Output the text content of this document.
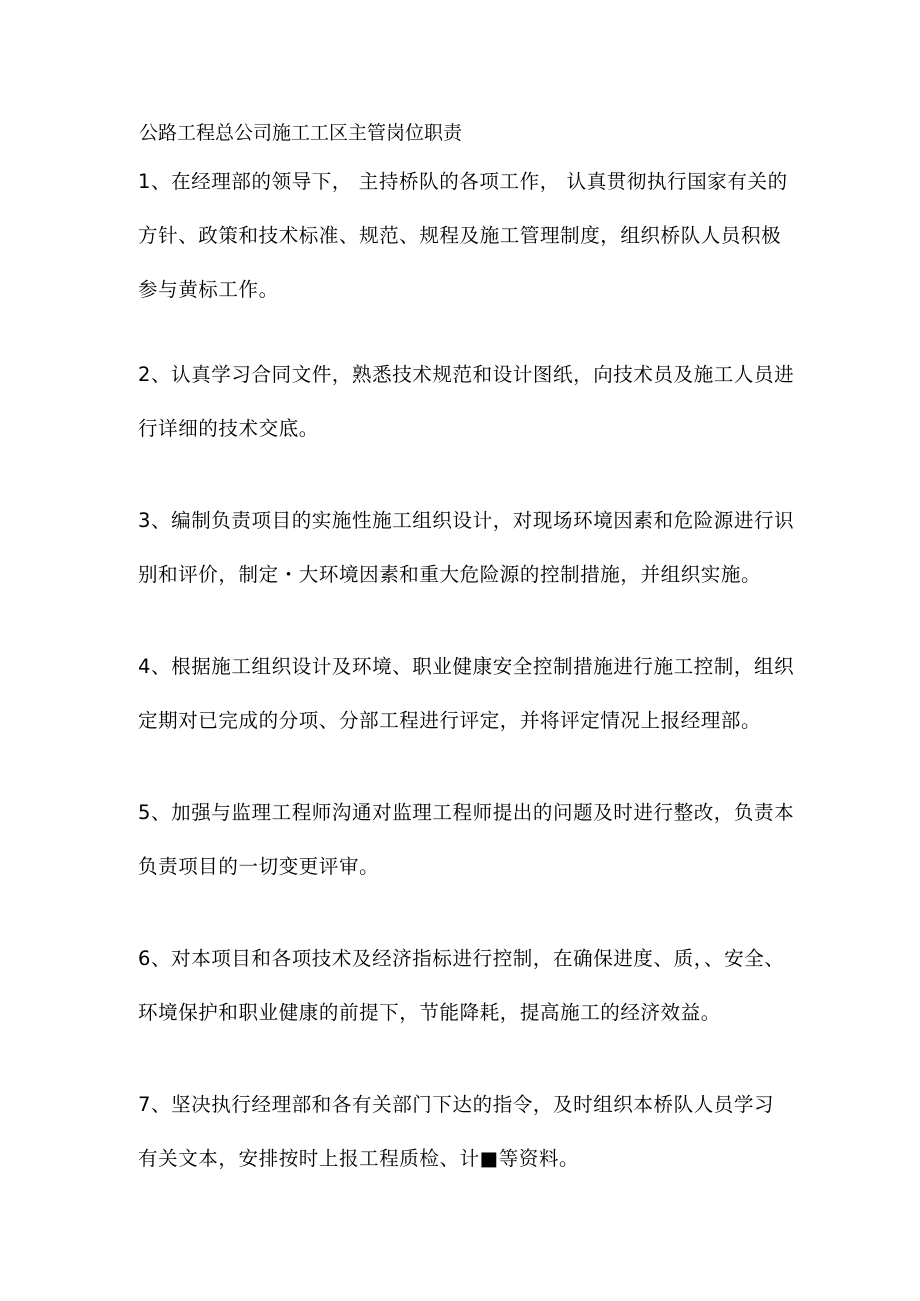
公路工程总公司施工工区主管岗位职责
1、在经理部的领导下， 主持桥队的各项工作， 认真贯彻执行国家有关的
方针、政策和技术标准、规范、规程及施工管理制度，组织桥队人员积极
参与黄标工作。
2、认真学习合同文件，熟悉技术规范和设计图纸，向技术员及施工人员进
行详细的技术交底。
3、编制负责项目的实施性施工组织设计，对现场环境因素和危险源进行识
别和评价，制定・大环境因素和重大危险源的控制措施，并组织实施。
4、根据施工组织设计及环境、职业健康安全控制措施进行施工控制，组织
定期对已完成的分项、分部工程进行评定，并将评定情况上报经理部。
5、加强与监理工程师沟通对监理工程师提出的问题及时进行整改，负责本
负责项目的一切变更评审。
6、对本项目和各项技术及经济指标进行控制，在确保进度、质，、安全、
环境保护和职业健康的前提下，节能降耗，提高施工的经济效益。
7、坚决执行经理部和各有关部门下达的指令，及时组织本桥队人员学习
有关文本，安排按时上报工程质检、计■等资料。
